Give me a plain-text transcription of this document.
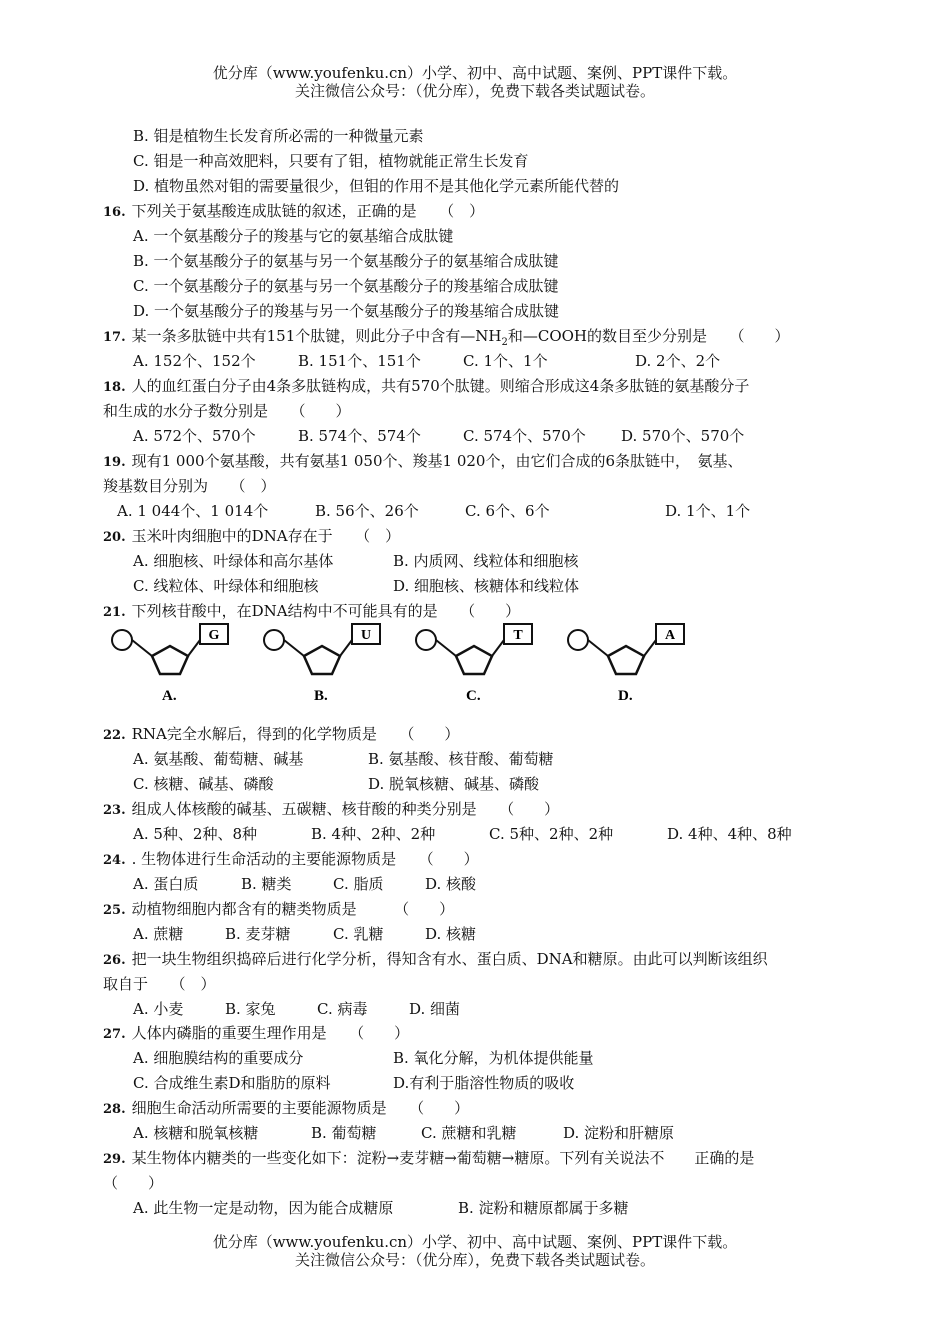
优分库（www.youfenku.cn）小学、初中、高中试题、案例、PPT课件下载。
关注微信公众号：（优分库），免费下载各类试题试卷。
B. 钼是植物生长发育所必需的一种微量元素
C. 钼是一种高效肥料，只要有了钼，植物就能正常生长发育
D. 植物虽然对钼的需要量很少，但钼的作用不是其他化学元素所能代替的
16. 下列关于氨基酸连成肽链的叙述，正确的是　　（　）
A. 一个氨基酸分子的羧基与它的氨基缩合成肽键
B. 一个氨基酸分子的氨基与另一个氨基酸分子的氨基缩合成肽键
C. 一个氨基酸分子的氨基与另一个氨基酸分子的羧基缩合成肽键
D. 一个氨基酸分子的羧基与另一个氨基酸分子的羧基缩合成肽键
17. 某一条多肽链中共有151个肽键，则此分子中含有$—NH_2$和—COOH的数目至少分别是　　（　　）
A. 152个、152个	B. 151个、151个	C. 1个、1个	D. 2个、2个
18. 人的血红蛋白分子由4条多肽链构成，共有570个肽键。则缩合形成这4条多肽链的氨基酸分子
和生成的水分子数分别是　　（　　）
A. 572个、570个	B. 574个、574个	C. 574个、570个 D. 570个、570个
19. 现有1 000个氨基酸，共有氨基1 050个、羧基1 020个，由它们合成的6条肽链中，　氨基、
羧基数目分别为　　（　）
A. 1 044个、1 014个	B. 56个、26个	C. 6个、6个	D. 1个、1个
20. 玉米叶肉细胞中的DNA存在于　　（　）
A. 细胞核、叶绿体和高尔基体	B. 内质网、线粒体和细胞核
C. 线粒体、叶绿体和细胞核	D. 细胞核、核糖体和线粒体
21. 下列核苷酸中，在DNA结构中不可能具有的是　　（　　）
G
A.
U
B.
T
C.
A
D.
22. RNA完全水解后，得到的化学物质是　　（　　）
A. 氨基酸、葡萄糖、碱基	B. 氨基酸、核苷酸、葡萄糖
C. 核糖、碱基、磷酸	D. 脱氧核糖、碱基、磷酸
23. 组成人体核酸的碱基、五碳糖、核苷酸的种类分别是　　（　　）
A. 5种、2种、8种	B. 4种、2种、2种	C. 5种、2种、2种	D. 4种、4种、8种
24. . 生物体进行生命活动的主要能源物质是　　（　　）
A. 蛋白质	B. 糖类	C. 脂质	D. 核酸
25. 动植物细胞内都含有的糖类物质是　　　（　　）
A. 蔗糖	B. 麦芽糖	C. 乳糖	D. 核糖
26. 把一块生物组织捣碎后进行化学分析，得知含有水、蛋白质、DNA和糖原。由此可以判断该组织
取自于　　（　）
A. 小麦	B. 家兔	C. 病毒	D. 细菌
27. 人体内磷脂的重要生理作用是　　（　　）
A. 细胞膜结构的重要成分	B. 氧化分解，为机体提供能量
C. 合成维生素D和脂肪的原料	D.有利于脂溶性物质的吸收
28. 细胞生命活动所需要的主要能源物质是　　（　　）
A. 核糖和脱氧核糖	B. 葡萄糖	C. 蔗糖和乳糖	D. 淀粉和肝糖原
29. 某生物体内糖类的一些变化如下：淀粉→麦芽糖→葡萄糖→糖原。下列有关说法不　　正确的是
（　　）
A. 此生物一定是动物，因为能合成糖原	B. 淀粉和糖原都属于多糖
优分库（www.youfenku.cn）小学、初中、高中试题、案例、PPT课件下载。
关注微信公众号：（优分库），免费下载各类试题试卷。
